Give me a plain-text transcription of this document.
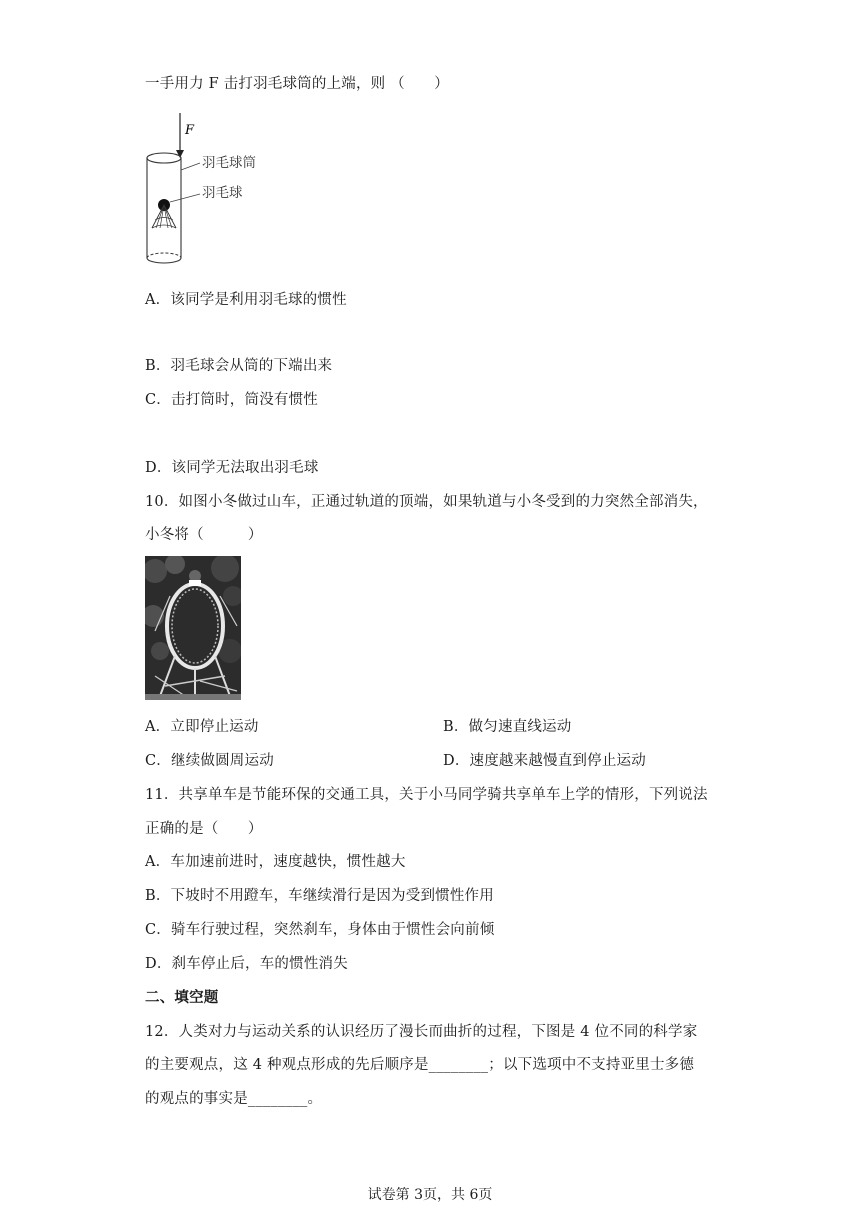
一手用力 F 击打羽毛球筒的上端，则 （　　）
F
羽毛球筒
羽毛球
A．该同学是利用羽毛球的惯性
B．羽毛球会从筒的下端出来
C．击打筒时，筒没有惯性
D．该同学无法取出羽毛球
10．如图小冬做过山车，正通过轨道的顶端，如果轨道与小冬受到的力突然全部消失，
小冬将（　　　）
A．立即停止运动	B．做匀速直线运动
C．继续做圆周运动	D．速度越来越慢直到停止运动
11．共享单车是节能环保的交通工具，关于小马同学骑共享单车上学的情形，下列说法
正确的是（　　）
A．车加速前进时，速度越快，惯性越大
B．下坡时不用蹬车，车继续滑行是因为受到惯性作用
C．骑车行驶过程，突然刹车，身体由于惯性会向前倾
D．刹车停止后，车的惯性消失
二、填空题
12．人类对力与运动关系的认识经历了漫长而曲折的过程，下图是 4 位不同的科学家
的主要观点，这 4 种观点形成的先后顺序是________；以下选项中不支持亚里士多德
的观点的事实是________。
试卷第 3页，共 6页
